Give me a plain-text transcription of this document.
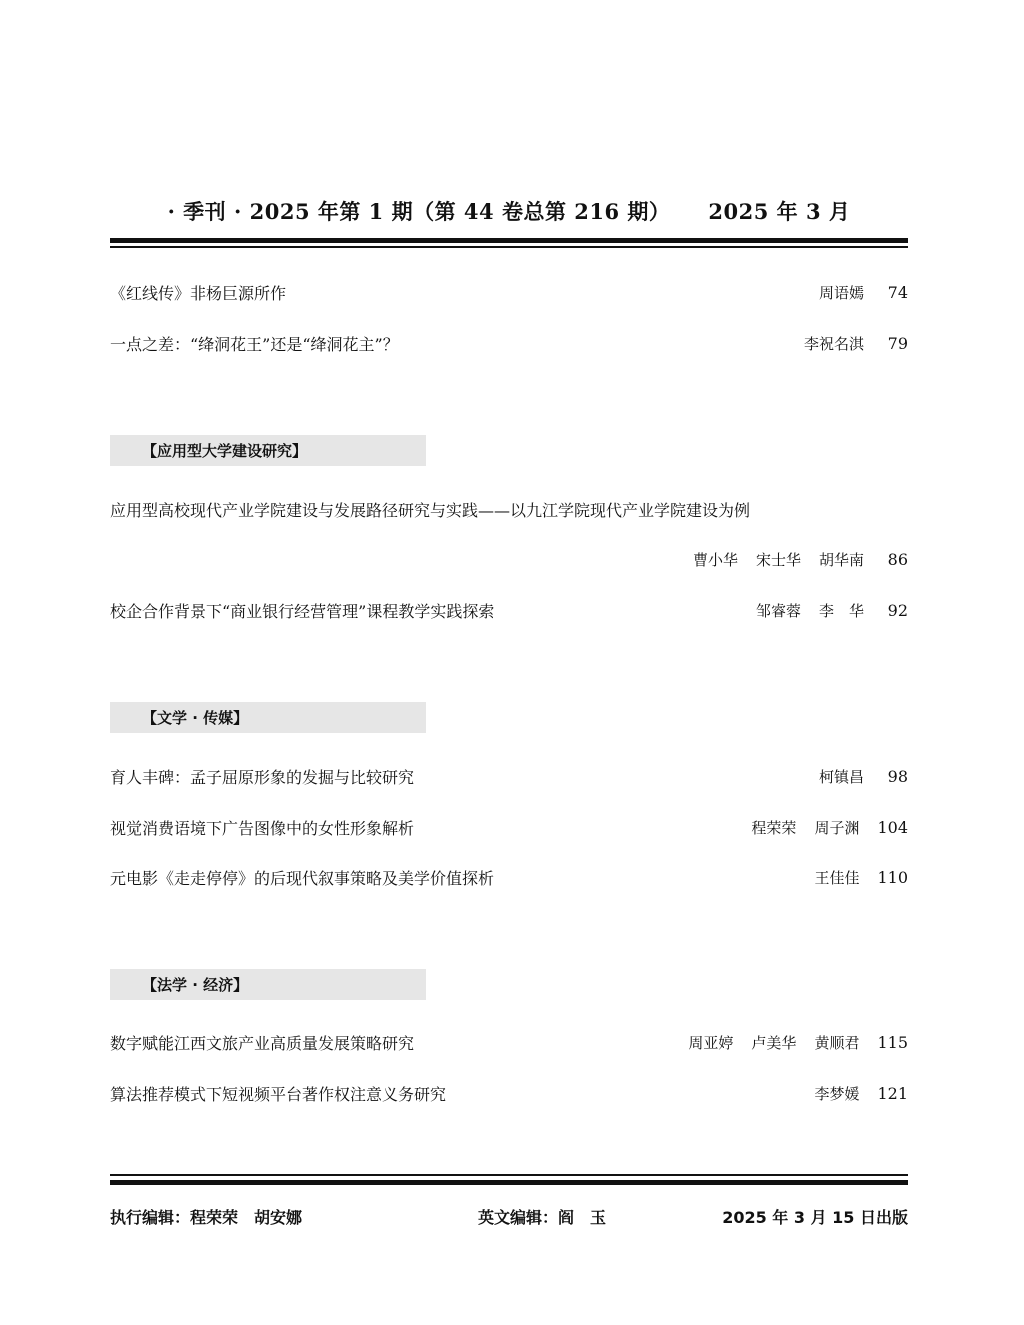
· 季刊 · 2025 年第 1 期（第 44 卷总第 216 期） 2025 年 3 月
《红线传》非杨巨源所作	周语嫣	74
一点之差：“绛洞花王”还是“绛洞花主”？	李祝名淇	79
【应用型大学建设研究】
应用型高校现代产业学院建设与发展路径研究与实践——以九江学院现代产业学院建设为例
曹小华 宋士华 胡华南	86
校企合作背景下“商业银行经营管理”课程教学实践探索	邹睿蓉 李　华	92
【文学 · 传媒】
育人丰碑：孟子屈原形象的发掘与比较研究	柯镇昌	98
视觉消费语境下广告图像中的女性形象解析	程荣荣 周子渊 104
元电影《走走停停》的后现代叙事策略及美学价值探析	王佳佳 110
【法学 · 经济】
数字赋能江西文旅产业高质量发展策略研究	周亚婷 卢美华 黄顺君 115
算法推荐模式下短视频平台著作权注意义务研究	李梦媛 121
执行编辑：程荣荣　胡安娜	英文编辑：阎　玉	2025 年 3 月 15 日出版
